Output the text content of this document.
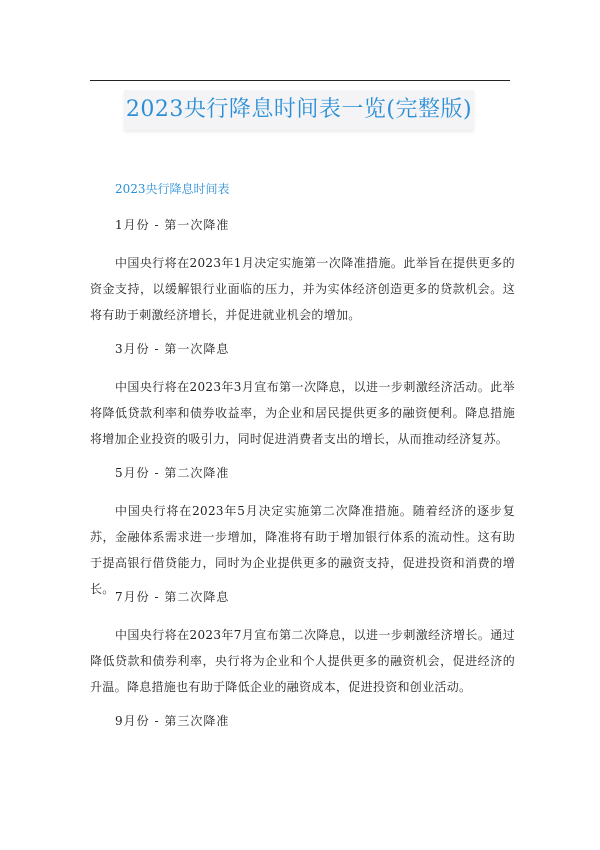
2023央行降息时间表一览(完整版)
2023央行降息时间表
1月份 - 第一次降准
中国央行将在2023年1月决定实施第一次降准措施。此举旨在提供更多的资金支持，以缓解银行业面临的压力，并为实体经济创造更多的贷款机会。这将有助于刺激经济增长，并促进就业机会的增加。
3月份 - 第一次降息
中国央行将在2023年3月宣布第一次降息，以进一步刺激经济活动。此举将降低贷款利率和债券收益率，为企业和居民提供更多的融资便利。降息措施将增加企业投资的吸引力，同时促进消费者支出的增长，从而推动经济复苏。
5月份 - 第二次降准
中国央行将在2023年5月决定实施第二次降准措施。随着经济的逐步复苏，金融体系需求进一步增加，降准将有助于增加银行体系的流动性。这有助于提高银行借贷能力，同时为企业提供更多的融资支持，促进投资和消费的增长。
7月份 - 第二次降息
中国央行将在2023年7月宣布第二次降息，以进一步刺激经济增长。通过降低贷款和债券利率，央行将为企业和个人提供更多的融资机会，促进经济的升温。降息措施也有助于降低企业的融资成本，促进投资和创业活动。
9月份 - 第三次降准
